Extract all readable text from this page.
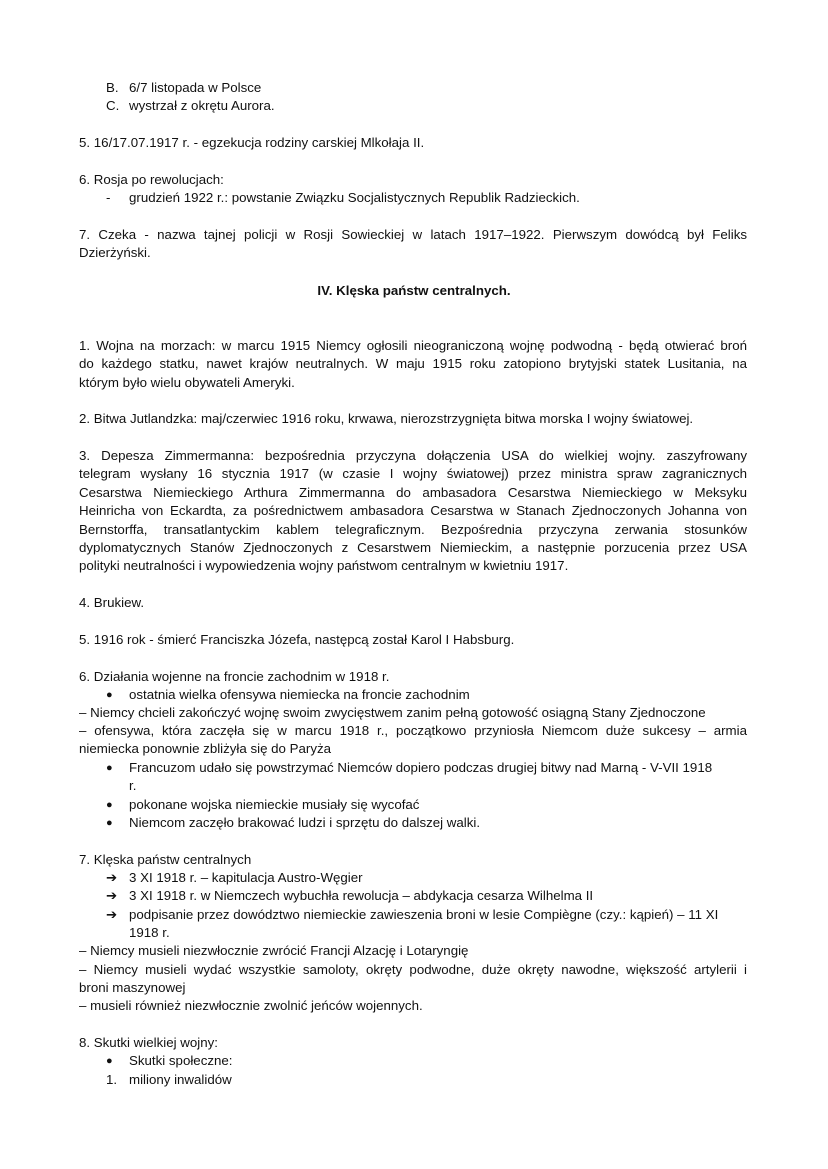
B. 6/7 listopada w Polsce
C. wystrzał z okrętu Aurora.
5. 16/17.07.1917 r. - egzekucja rodziny carskiej Mlkołaja II.
6. Rosja po rewolucjach:
- grudzień 1922 r.: powstanie Związku Socjalistycznych Republik Radzieckich.
7. Czeka - nazwa tajnej policji w Rosji Sowieckiej w latach 1917–1922. Pierwszym dowódcą był Feliks
Dzierżyński.
IV. Klęska państw centralnych.
1. Wojna na morzach: w marcu 1915 Niemcy ogłosili nieograniczoną wojnę podwodną - będą otwierać broń
do każdego statku, nawet krajów neutralnych. W maju 1915 roku zatopiono brytyjski statek Lusitania, na
którym było wielu obywateli Ameryki.
2. Bitwa Jutlandzka: maj/czerwiec 1916 roku, krwawa, nierozstrzygnięta bitwa morska I wojny światowej.
3. Depesza Zimmermanna: bezpośrednia przyczyna dołączenia USA do wielkiej wojny. zaszyfrowany
telegram wysłany 16 stycznia 1917 (w czasie I wojny światowej) przez ministra spraw zagranicznych
Cesarstwa Niemieckiego Arthura Zimmermanna do ambasadora Cesarstwa Niemieckiego w Meksyku
Heinricha von Eckardta, za pośrednictwem ambasadora Cesarstwa w Stanach Zjednoczonych Johanna von
Bernstorffa, transatlantyckim kablem telegraficznym. Bezpośrednia przyczyna zerwania stosunków
dyplomatycznych Stanów Zjednoczonych z Cesarstwem Niemieckim, a następnie porzucenia przez USA
polityki neutralności i wypowiedzenia wojny państwom centralnym w kwietniu 1917.
4. Brukiew.
5. 1916 rok - śmierć Franciszka Józefa, następcą został Karol I Habsburg.
6. Działania wojenne na froncie zachodnim w 1918 r.
● ostatnia wielka ofensywa niemiecka na froncie zachodnim
– Niemcy chcieli zakończyć wojnę swoim zwycięstwem zanim pełną gotowość osiągną Stany Zjednoczone
– ofensywa, która zaczęła się w marcu 1918 r., początkowo przyniosła Niemcom duże sukcesy – armia
niemiecka ponownie zbliżyła się do Paryża
● Francuzom udało się powstrzymać Niemców dopiero podczas drugiej bitwy nad Marną - V-VII 1918
r.
● pokonane wojska niemieckie musiały się wycofać
● Niemcom zaczęło brakować ludzi i sprzętu do dalszej walki.
7. Klęska państw centralnych
➔ 3 XI 1918 r. – kapitulacja Austro-Węgier
➔ 3 XI 1918 r. w Niemczech wybuchła rewolucja – abdykacja cesarza Wilhelma II
➔ podpisanie przez dowództwo niemieckie zawieszenia broni w lesie Compiègne (czy.: kąpień) – 11 XI
1918 r.
– Niemcy musieli niezwłocznie zwrócić Francji Alzację i Lotaryngię
– Niemcy musieli wydać wszystkie samoloty, okręty podwodne, duże okręty nawodne, większość artylerii i
broni maszynowej
– musieli również niezwłocznie zwolnić jeńców wojennych.
8. Skutki wielkiej wojny:
● Skutki społeczne:
1. miliony inwalidów
